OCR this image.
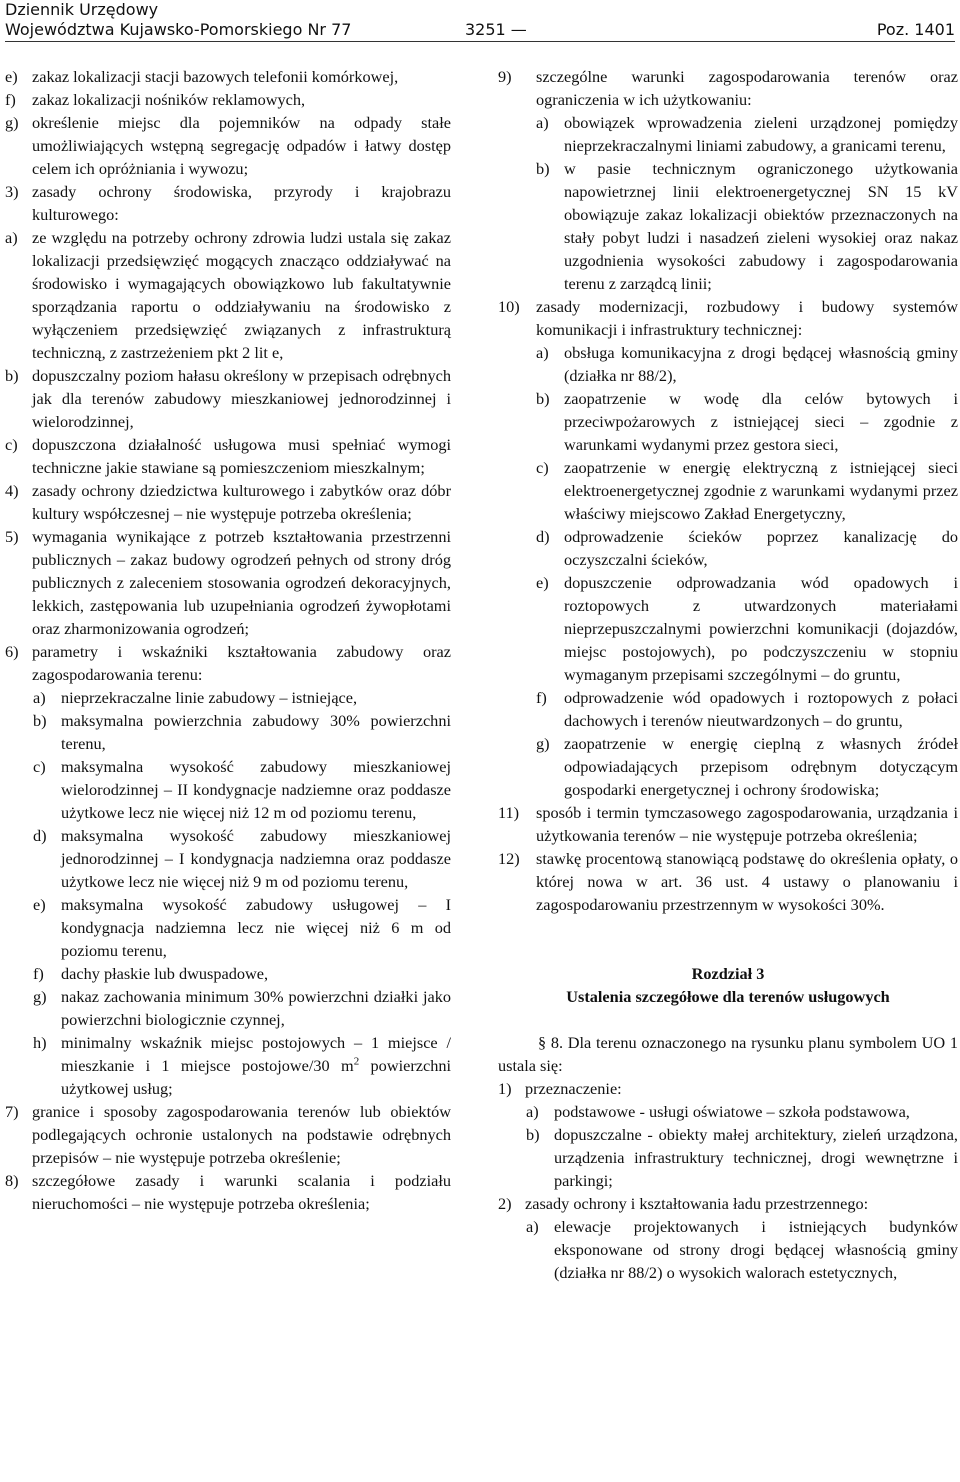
Dziennik Urzędowy
Województwa Kujawsko-Pomorskiego Nr 77	3251 —	Poz. 1401
e) zakaz lokalizacji stacji bazowych telefonii komórkowej,
f) zakaz lokalizacji nośników reklamowych,
g) określenie miejsc dla pojemników na odpady stałe umożliwiających wstępną segregację odpadów i łatwy dostęp celem ich opróżniania i wywozu;
3) zasady ochrony środowiska, przyrody i krajobrazu kulturowego:
a) ze względu na potrzeby ochrony zdrowia ludzi ustala się zakaz lokalizacji przedsięwzięć mogących znacząco oddziaływać na środowisko i wymagających obowiązkowo lub fakultatywnie sporządzania raportu o oddziaływaniu na środowisko z wyłączeniem przedsięwzięć związanych z infrastrukturą techniczną, z zastrzeżeniem pkt 2 lit e,
b) dopuszczalny poziom hałasu określony w przepisach odrębnych jak dla terenów zabudowy mieszkaniowej jednorodzinnej i wielorodzinnej,
c) dopuszczona działalność usługowa musi spełniać wymogi techniczne jakie stawiane są pomieszczeniom mieszkalnym;
4) zasady ochrony dziedzictwa kulturowego i zabytków oraz dóbr kultury współczesnej – nie występuje potrzeba określenia;
5) wymagania wynikające z potrzeb kształtowania przestrzenni publicznych – zakaz budowy ogrodzeń pełnych od strony dróg publicznych z zaleceniem stosowania ogrodzeń dekoracyjnych, lekkich, zastępowania lub uzupełniania ogrodzeń żywopłotami oraz zharmonizowania ogrodzeń;
6) parametry i wskaźniki kształtowania zabudowy oraz zagospodarowania terenu:
a) nieprzekraczalne linie zabudowy – istniejące,
b) maksymalna powierzchnia zabudowy 30% powierzchni terenu,
c) maksymalna wysokość zabudowy mieszkaniowej wielorodzinnej – II kondygnacje nadziemne oraz poddasze użytkowe lecz nie więcej niż 12 m od poziomu terenu,
d) maksymalna wysokość zabudowy mieszkaniowej jednorodzinnej – I kondygnacja nadziemna oraz poddasze użytkowe lecz nie więcej niż 9 m od poziomu terenu,
e) maksymalna wysokość zabudowy usługowej – I kondygnacja nadziemna lecz nie więcej niż 6 m od poziomu terenu,
f) dachy płaskie lub dwuspadowe,
g) nakaz zachowania minimum 30% powierzchni działki jako powierzchni biologicznie czynnej,
h) minimalny wskaźnik miejsc postojowych – 1 miejsce / mieszkanie i 1 miejsce postojowe/30 $m^2$ powierzchni użytkowej usług;
7) granice i sposoby zagospodarowania terenów lub obiektów podlegających ochronie ustalonych na podstawie odrębnych przepisów – nie występuje potrzeba określenie;
8) szczegółowe zasady i warunki scalania i podziału nieruchomości – nie występuje potrzeba określenia;
9) szczególne warunki zagospodarowania terenów oraz ograniczenia w ich użytkowaniu:
a) obowiązek wprowadzenia zieleni urządzonej pomiędzy nieprzekraczalnymi liniami zabudowy, a granicami terenu,
b) w pasie technicznym ograniczonego użytkowania napowietrznej linii elektroenergetycznej SN 15 kV obowiązuje zakaz lokalizacji obiektów przeznaczonych na stały pobyt ludzi i nasadzeń zieleni wysokiej oraz nakaz uzgodnienia wysokości zabudowy i zagospodarowania terenu z zarządcą linii;
10) zasady modernizacji, rozbudowy i budowy systemów komunikacji i infrastruktury technicznej:
a) obsługa komunikacyjna z drogi będącej własnością gminy (działka nr 88/2),
b) zaopatrzenie w wodę dla celów bytowych i przeciwpożarowych z istniejącej sieci – zgodnie z warunkami wydanymi przez gestora sieci,
c) zaopatrzenie w energię elektryczną z istniejącej sieci elektroenergetycznej zgodnie z warunkami wydanymi przez właściwy miejscowo Zakład Energetyczny,
d) odprowadzenie ścieków poprzez kanalizację do oczyszczalni ścieków,
e) dopuszczenie odprowadzania wód opadowych i roztopowych z utwardzonych materiałami nieprzepuszczalnymi powierzchni komunikacji (dojazdów, miejsc postojowych), po podczyszczeniu w stopniu wymaganym przepisami szczególnymi – do gruntu,
f) odprowadzenie wód opadowych i roztopowych z połaci dachowych i terenów nieutwardzonych – do gruntu,
g) zaopatrzenie w energię cieplną z własnych źródeł odpowiadających przepisom odrębnym dotyczącym gospodarki energetycznej i ochrony środowiska;
11) sposób i termin tymczasowego zagospodarowania, urządzania i użytkowania terenów – nie występuje potrzeba określenia;
12) stawkę procentową stanowiącą podstawę do określenia opłaty, o której nowa w art. 36 ust. 4 ustawy o planowaniu i zagospodarowaniu przestrzennym w wysokości 30%.
Rozdział 3
Ustalenia szczegółowe dla terenów usługowych
§ 8. Dla terenu oznaczonego na rysunku planu symbolem UO 1 ustala się:
1) przeznaczenie:
a) podstawowe - usługi oświatowe – szkoła podstawowa,
b) dopuszczalne - obiekty małej architektury, zieleń urządzona, urządzenia infrastruktury technicznej, drogi wewnętrzne i parkingi;
2) zasady ochrony i kształtowania ładu przestrzennego:
a) elewacje projektowanych i istniejących budynków eksponowane od strony drogi będącej własnością gminy (działka nr 88/2) o wysokich walorach estetycznych,
